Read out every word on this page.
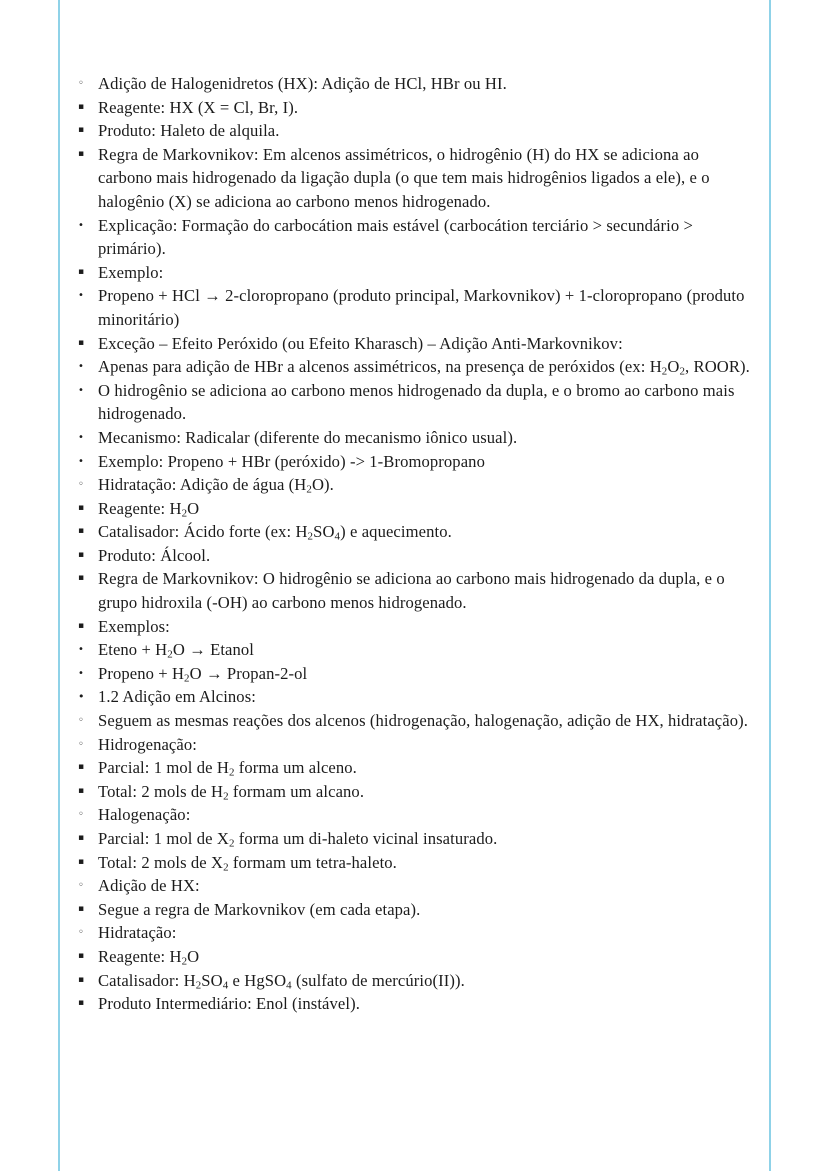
◦ Adição de Halogenidretos (HX): Adição de HCl, HBr ou HI.
▪ Reagente: HX (X = Cl, Br, I).
▪ Produto: Haleto de alquila.
▪ Regra de Markovnikov: Em alcenos assimétricos, o hidrogênio (H) do HX se adiciona ao carbono mais hidrogenado da ligação dupla (o que tem mais hidrogênios ligados a ele), e o halogênio (X) se adiciona ao carbono menos hidrogenado.
• Explicação: Formação do carbocátion mais estável (carbocátion terciário > secundário > primário).
▪ Exemplo:
• Propeno + HCl → 2-cloropropano (produto principal, Markovnikov) + 1-cloropropano (produto minoritário)
▪ Exceção – Efeito Peróxido (ou Efeito Kharasch) – Adição Anti-Markovnikov:
• Apenas para adição de HBr a alcenos assimétricos, na presença de peróxidos (ex: $H_2O_2$, ROOR).
• O hidrogênio se adiciona ao carbono menos hidrogenado da dupla, e o bromo ao carbono mais hidrogenado.
• Mecanismo: Radicalar (diferente do mecanismo iônico usual).
• Exemplo: Propeno + HBr (peróxido) -> 1-Bromopropano
◦ Hidratação: Adição de água $(H_2O)$.
▪ Reagente: $H_2O$
▪ Catalisador: Ácido forte (ex: $H_2SO_4$) e aquecimento.
▪ Produto: Álcool.
▪ Regra de Markovnikov: O hidrogênio se adiciona ao carbono mais hidrogenado da dupla, e o grupo hidroxila (-OH) ao carbono menos hidrogenado.
▪ Exemplos:
• Eteno + $H_2O$ → Etanol
• Propeno + $H_2O$ → Propan-2-ol
• 1.2 Adição em Alcinos:
◦ Seguem as mesmas reações dos alcenos (hidrogenação, halogenação, adição de HX, hidratação).
◦ Hidrogenação:
▪ Parcial: 1 mol de $H_2$ forma um alceno.
▪ Total: 2 mols de $H_2$ formam um alcano.
◦ Halogenação:
▪ Parcial: 1 mol de $X_2$ forma um di-haleto vicinal insaturado.
▪ Total: 2 mols de $X_2$ formam um tetra-haleto.
◦ Adição de HX:
▪ Segue a regra de Markovnikov (em cada etapa).
◦ Hidratação:
▪ Reagente: $H_2O$
▪ Catalisador: $H_2SO_4$ e HgSO$_4$ (sulfato de mercúrio(II)).
▪ Produto Intermediário: Enol (instável).
